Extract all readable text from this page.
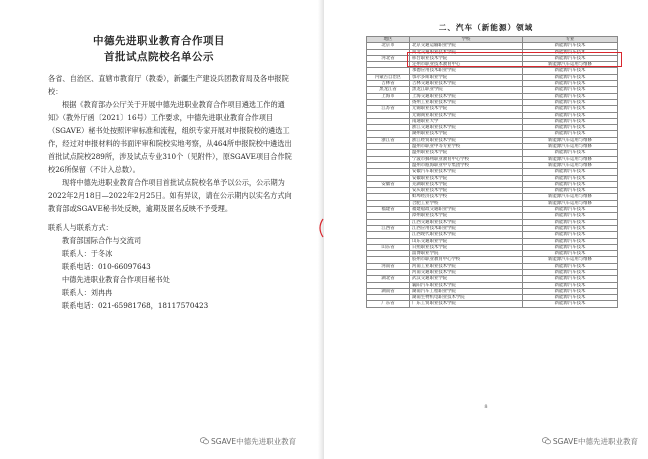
中德先进职业教育合作项目
首批试点院校名单公示

各省、自治区、直辖市教育厅（教委），新疆生产建设兵团教育局及各申报院校：

根据《教育部办公厅关于开展中德先进职业教育合作项目遴选工作的通知》（教外厅函〔2021〕16号）工作要求，中德先进职业教育合作项目（SGAVE）秘书处按照评审标准和流程，组织专家开展对申报院校的遴选工作，经过对申报材料的书面评审和院校实地考察，从464所申报院校中遴选出首批试点院校289所，涉及试点专业310个（见附件），原SGAVE项目合作院校26所保留（不计入总数）。

现将中德先进职业教育合作项目首批试点院校名单予以公示，公示期为2022年2月18日—2022年2月25日。如有异议，请在公示期内以实名方式向教育部或SGAVE秘书处反映，逾期及匿名反映不予受理。

联系人与联系方式：

教育部国际合作与交流司

联系人：于冬冰

联系电话：010-66097643

中德先进职业教育合作项目秘书处

联系人：刘冉冉

联系电话：021-65981768，18117570423

SGAVE中德先进职业教育
二、汽车（新能源）领域
地区	学校	专业
北京市	北京交通运输职业学院	新能源汽车技术
	河北交通职业技术学院	新能源汽车技术
河北省	邢台职业技术学院	新能源汽车技术
	定州市职业技术教育中心	新能源汽车运用与维修
	承德应用技术职业学院	新能源汽车技术
内蒙古自治区	鄂尔多斯职业学院	新能源汽车技术
吉林省	吉林交通职业技术学院	新能源汽车技术
黑龙江省	黑龙江职业学院	新能源汽车技术
上海市	上海交通职业技术学院	新能源汽车技术
	扬州工业职业技术学院	新能源汽车技术
江苏省	无锡职业技术学院	新能源汽车技术
	无锡商业职业技术学院	新能源汽车技术
	南通职业大学	新能源汽车技术
	浙江交通职业技术学院	新能源汽车技术
	湖州职业技术学院	新能源汽车技术
浙江省	浙江经贸职业技术学院	新能源汽车运用与维修
	温州市职业中等专业学校	新能源汽车运用与维修
	温州职业技术学院	新能源汽车技术
	宁波市鄞州职业教育中心学校	新能源汽车运用与维修
	温州市瓯海职业中专集团学校	新能源汽车运用与维修
	安徽汽车职业技术学院	新能源汽车技术
	安徽职业技术学院	新能源汽车技术
安徽省	芜湖职业技术学院	新能源汽车技术
	安庆职业技术学院	新能源汽车技术
	蚌埠经济技术学校	新能源汽车运用与维修
	合肥工业学校	新能源汽车运用与维修
福建省	福建船政交通职业学院	新能源汽车技术
	漳州职业技术学院	新能源汽车技术
	江西交通职业技术学院	新能源汽车技术
江西省	江西应用技术职业学院	新能源汽车技术
	江西现代职业技术学院	新能源汽车技术
	山东交通职业学院	新能源汽车技术
山东省	日照职业技术学院	新能源汽车技术
	淄博职业学院	新能源汽车技术
	胶州市职业教育中心学校	新能源汽车运用与维修
河南省	河南工业职业技术学院	新能源汽车技术
	河南交通职业技术学院	新能源汽车技术
湖北省	武汉交通职业学院	新能源汽车技术
	襄阳汽车职业技术学院	新能源汽车技术
湖南省	湖南汽车工程职业学院	新能源汽车技术
	湖南生物机电职业技术学院	新能源汽车技术
广东省	广东工贸职业技术学院	新能源汽车技术
8
SGAVE中德先进职业教育
